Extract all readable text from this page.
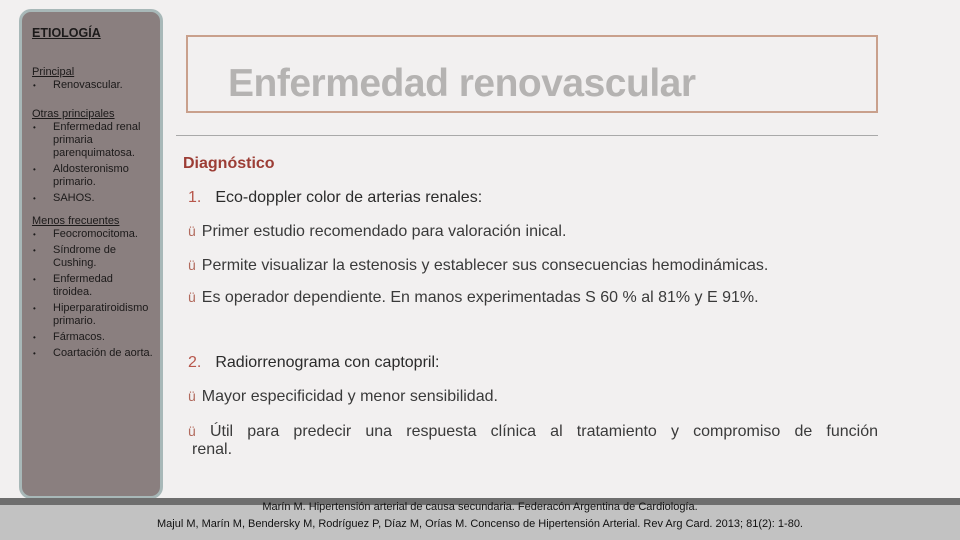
ETIOLOGÍA

Principal

• Renovascular.

Otras principales

• Enfermedad renal primaria parenquimatosa.
• Aldosteronismo primario.
• SAHOS.

Menos frecuentes

• Feocromocitoma.
• Síndrome de Cushing.
• Enfermedad tiroidea.
• Hiperparatiroidismo primario.
• Fármacos.
• Coartación de aorta.
Enfermedad renovascular
Diagnóstico
1. Eco-doppler color de arterias renales:
ü Primer estudio recomendado para valoración inical.
ü Permite visualizar la estenosis y establecer sus consecuencias hemodinámicas.
ü Es operador dependiente. En manos experimentadas S 60 % al 81% y E 91%.
2. Radiorrenograma con captopril:
ü Mayor especificidad y menor sensibilidad.
ü Útil para predecir una respuesta clínica al tratamiento y compromiso de función
renal.
Marín M. Hipertensión arterial de causa secundaria. Federacón Argentina de Cardiología.
Majul M, Marín M, Bendersky M, Rodríguez P, Díaz M, Orías M. Concenso de Hipertensión Arterial. Rev Arg Card. 2013; 81(2): 1-80.
